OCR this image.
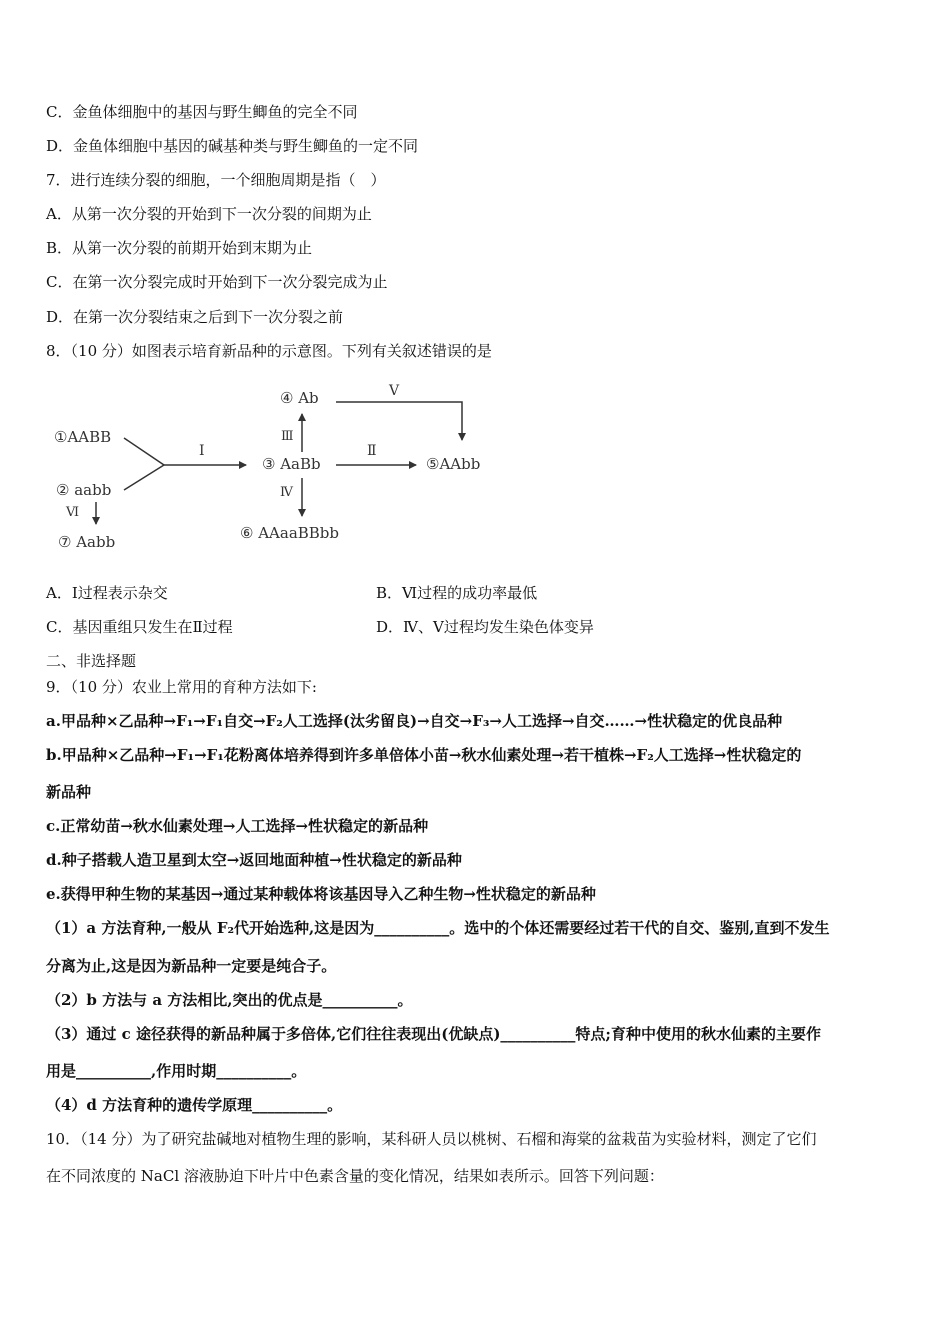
C．金鱼体细胞中的基因与野生鲫鱼的完全不同
D．金鱼体细胞中基因的碱基种类与野生鲫鱼的一定不同
7．进行连续分裂的细胞，一个细胞周期是指（　）
A．从第一次分裂的开始到下一次分裂的间期为止
B．从第一次分裂的前期开始到末期为止
C．在第一次分裂完成时开始到下一次分裂完成为止
D．在第一次分裂结束之后到下一次分裂之前
8．（10 分）如图表示培育新品种的示意图。下列有关叙述错误的是
①AABB
② aabb
⑦ Aabb
③ AaBb
④ Ab
⑤AAbb
⑥ AAaaBBbb
Ⅰ	Ⅱ
Ⅲ
Ⅳ
Ⅴ
Ⅵ
A．Ⅰ过程表示杂交	B．Ⅵ过程的成功率最低
C．基因重组只发生在Ⅱ过程	D．Ⅳ、Ⅴ过程均发生染色体变异
二、非选择题
9．（10 分）农业上常用的育种方法如下:
a.甲品种×乙品种→F₁→F₁自交→F₂人工选择(汰劣留良)→自交→F₃→人工选择→自交……→性状稳定的优良品种
b.甲品种×乙品种→F₁→F₁花粉离体培养得到许多单倍体小苗→秋水仙素处理→若干植株→F₂人工选择→性状稳定的
新品种
c.正常幼苗→秋水仙素处理→人工选择→性状稳定的新品种
d.种子搭载人造卫星到太空→返回地面种植→性状稳定的新品种
e.获得甲种生物的某基因→通过某种载体将该基因导入乙种生物→性状稳定的新品种
（1）a 方法育种,一般从 F₂代开始选种,这是因为__________。选中的个体还需要经过若干代的自交、鉴别,直到不发生
分离为止,这是因为新品种一定要是纯合子。
（2）b 方法与 a 方法相比,突出的优点是__________。
（3）通过 c 途径获得的新品种属于多倍体,它们往往表现出(优缺点)__________特点;育种中使用的秋水仙素的主要作
用是__________,作用时期__________。
（4）d 方法育种的遗传学原理__________。
10．（14 分）为了研究盐碱地对植物生理的影响，某科研人员以桃树、石榴和海棠的盆栽苗为实验材料，测定了它们
在不同浓度的 NaCl 溶液胁迫下叶片中色素含量的变化情况，结果如表所示。回答下列问题：
